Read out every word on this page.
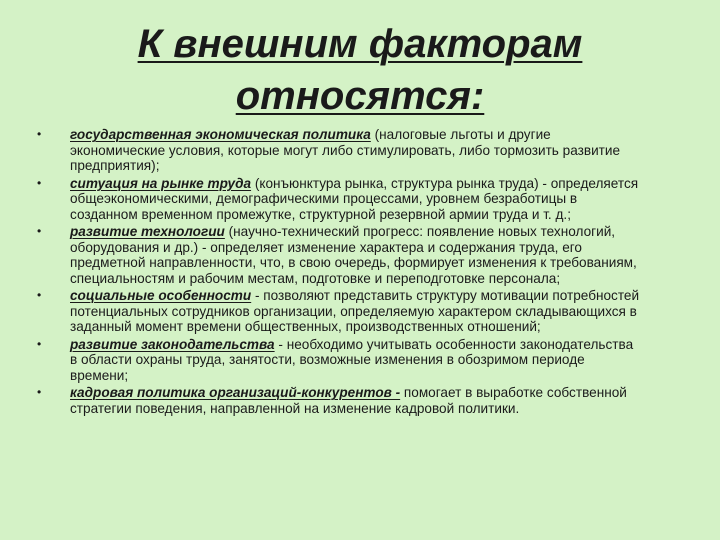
К внешним факторам
относятся:
• государственная экономическая политика (налоговые льготы и другие экономические условия, которые могут либо стимулировать, либо тормозить развитие предприятия);
• ситуация на рынке труда (конъюнктура рынка, структура рынка труда) - определяется общеэкономическими, демографическими процессами, уровнем безработицы в созданном временном промежутке, структурной резервной армии труда и т. д.;
• развитие технологии (научно-технический прогресс: появление новых технологий, оборудования и др.) - определяет изменение характера и содержания труда, его предметной направленности, что, в свою очередь, формирует изменения к требованиям, специальностям и рабочим местам, подготовке и переподготовке персонала;
• социальные особенности - позволяют представить структуру мотивации потребностей потенциальных сотрудников организации, определяемую характером складывающихся в заданный момент времени общественных, производственных отношений;
• развитие законодательства - необходимо учитывать особенности законодательства в области охраны труда, занятости, возможные изменения в обозримом периоде времени;
• кадровая политика организаций-конкурентов - помогает в выработке собственной стратегии поведения, направленной на изменение кадровой политики.
